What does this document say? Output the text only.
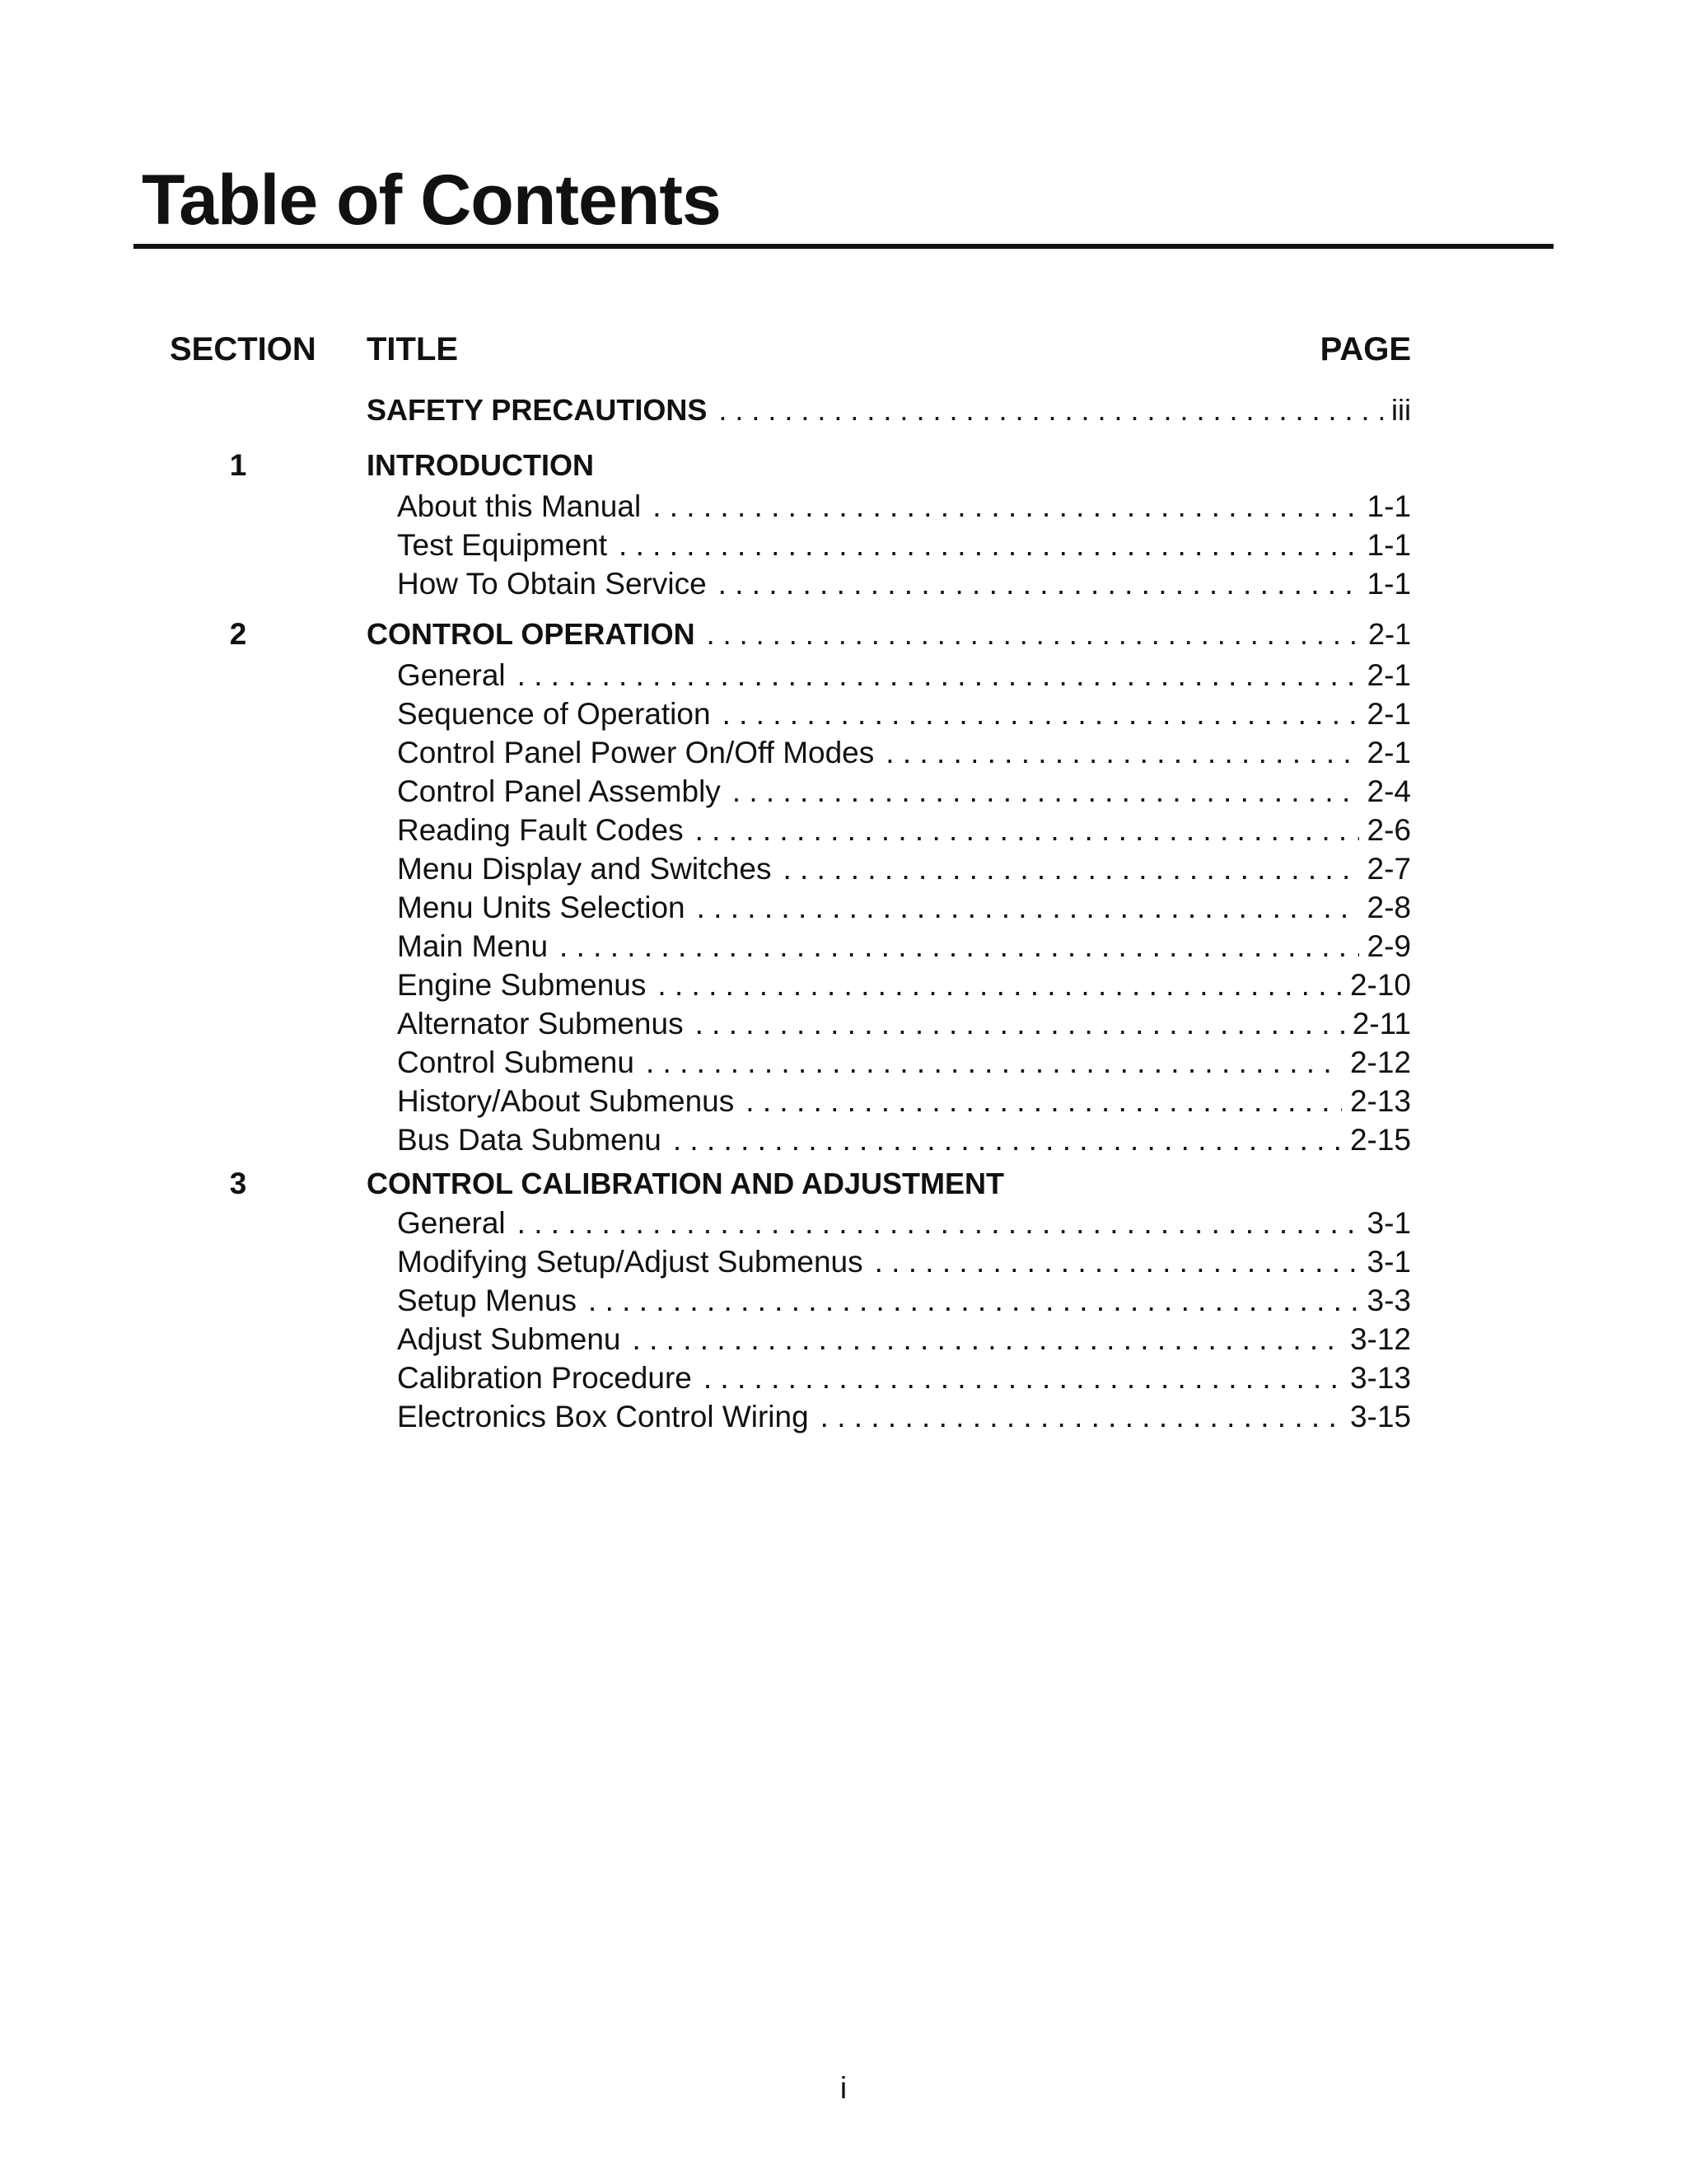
Table of Contents
SECTION TITLE	PAGE
SAFETY PRECAUTIONS . . .	iii
1	INTRODUCTION
About this Manual . . .	1-1
Test Equipment . . .	1-1
How To Obtain Service . . .	1-1
2	CONTROL OPERATION . . .	2-1
General . . .	2-1
Sequence of Operation . . .	2-1
Control Panel Power On/Off Modes . . .	2-1
Control Panel Assembly . . .	2-4
Reading Fault Codes . . .	2-6
Menu Display and Switches . . .	2-7
Menu Units Selection . . .	2-8
Main Menu . . .	2-9
Engine Submenus . . .	2-10
Alternator Submenus . . .	2-11
Control Submenu . . .	2-12
History/About Submenus . . .	2-13
Bus Data Submenu . . .	2-15
3	CONTROL CALIBRATION AND ADJUSTMENT
General . . .	3-1
Modifying Setup/Adjust Submenus . . .	3-1
Setup Menus . . .	3-3
Adjust Submenu . . .	3-12
Calibration Procedure . . .	3-13
Electronics Box Control Wiring . . .	3-15
i
